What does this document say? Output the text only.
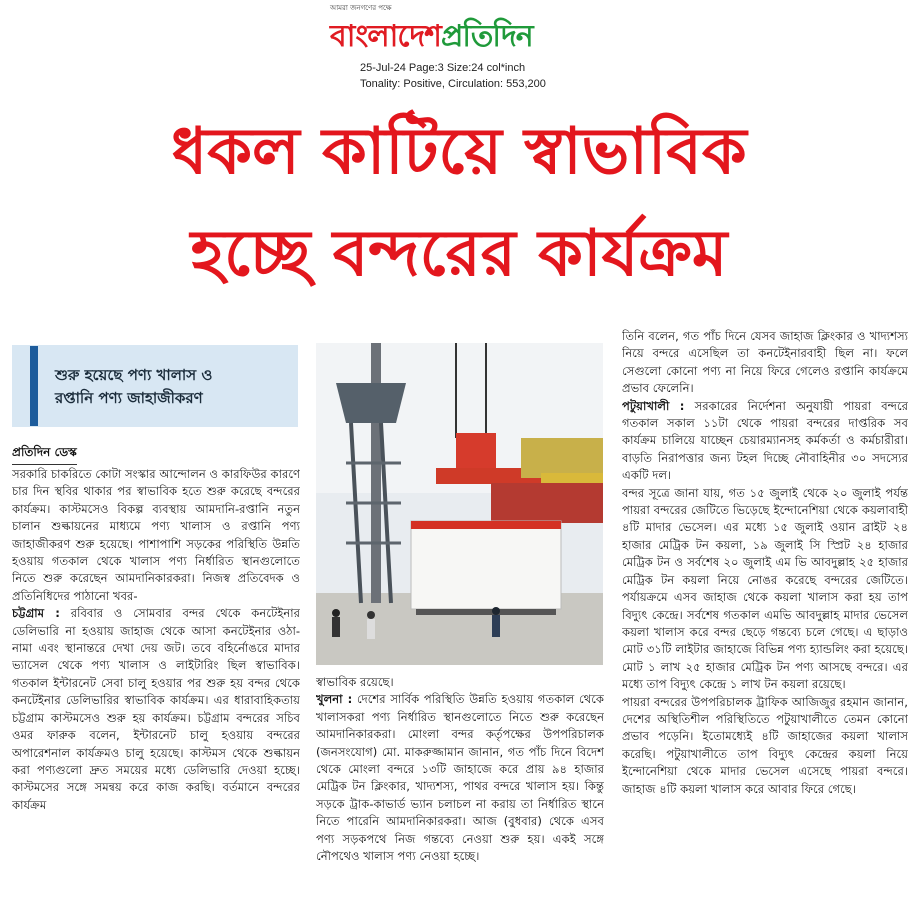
আমরা জনগণের পক্ষে
বাংলাদেশপ্রতিদিন
25-Jul-24 Page:3 Size:24 col*inch
Tonality: Positive, Circulation: 553,200
ধকল কাটিয়ে স্বাভাবিক
হচ্ছে বন্দরের কার্যক্রম
শুরু হয়েছে পণ্য খালাস ও
রপ্তানি পণ্য জাহাজীকরণ
প্রতিদিন ডেস্ক

সরকারি চাকরিতে কোটা সংস্কার আন্দোলন ও কারফিউর কারণে চার দিন স্থবির থাকার পর স্বাভাবিক হতে শুরু করেছে বন্দরের কার্যক্রম। কাস্টমসেও বিকল্প ব্যবস্থায় আমদানি-রপ্তানি নতুন চালান শুল্কায়নের মাধ্যমে পণ্য খালাস ও রপ্তানি পণ্য জাহাজীকরণ শুরু হয়েছে। পাশাপাশি সড়কের পরিস্থিতি উন্নতি হওয়ায় গতকাল থেকে খালাস পণ্য নির্ধারিত স্থানগুলোতে নিতে শুরু করেছেন আমদানিকারকরা। নিজস্ব প্রতিবেদক ও প্রতিনিধিদের পাঠানো খবর-

চট্টগ্রাম : রবিবার ও সোমবার বন্দর থেকে কনটেইনার ডেলিভারি না হওয়ায় জাহাজ থেকে আসা কনটেইনার ওঠা-নামা এবং স্থানান্তরে দেখা দেয় জট। তবে বহির্নোঙরে মাদার ভ্যাসেল থেকে পণ্য খালাস ও লাইটারিং ছিল স্বাভাবিক। গতকাল ইন্টারনেট সেবা চালু হওয়ার পর শুরু হয় বন্দর থেকে কনটেইনার ডেলিভারির স্বাভাবিক কার্যক্রম। এর ধারাবাহিকতায় চট্টগ্রাম কাস্টমসেও শুরু হয় কার্যক্রম। চট্টগ্রাম বন্দরের সচিব ওমর ফারুক বলেন, ইন্টারনেট চালু হওয়ায় বন্দরের অপারেশনাল কার্যক্রমও চালু হয়েছে। কাস্টমস থেকে শুল্কায়ন করা পণ্যগুলো দ্রুত সময়ের মধ্যে ডেলিভারি দেওয়া হচ্ছে। কাস্টমসের সঙ্গে সমন্বয় করে কাজ করছি। বর্তমানে বন্দরের কার্যক্রম

স্বাভাবিক রয়েছে।

খুলনা : দেশের সার্বিক পরিস্থিতি উন্নতি হওয়ায় গতকাল থেকে খালাসকরা পণ্য নির্ধারিত স্থানগুলোতে নিতে শুরু করেছেন আমদানিকারকরা। মোংলা বন্দর কর্তৃপক্ষের উপপরিচালক (জনসংযোগ) মো. মাকরুজ্জামান জানান, গত পাঁচ দিনে বিদেশ থেকে মোংলা বন্দরে ১৩টি জাহাজে করে প্রায় ৯৪ হাজার মেট্রিক টন ক্লিংকার, খাদ্যশস্য, পাথর বন্দরে খালাস হয়। কিন্তু সড়কে ট্রাক-কাভার্ড ভ্যান চলাচল না করায় তা নির্ধারিত স্থানে নিতে পারেনি আমদানিকারকরা। আজ (বুধবার) থেকে এসব পণ্য সড়কপথে নিজ গন্তব্যে নেওয়া শুরু হয়। একই সঙ্গে নৌপথেও খালাস পণ্য নেওয়া হচ্ছে।

তিনি বলেন, গত পাঁচ দিনে যেসব জাহাজ ক্লিংকার ও খাদ্যশস্য নিয়ে বন্দরে এসেছিল তা কনটেইনারবাহী ছিল না। ফলে সেগুলো কোনো পণ্য না নিয়ে ফিরে গেলেও রপ্তানি কার্যক্রমে প্রভাব ফেলেনি।

পটুয়াখালী : সরকারের নির্দেশনা অনুযায়ী পায়রা বন্দরে গতকাল সকাল ১১টা থেকে পায়রা বন্দরের দাপ্তরিক সব কার্যক্রম চালিয়ে যাচ্ছেন চেয়ারম্যানসহ কর্মকর্তা ও কর্মচারীরা। বাড়তি নিরাপত্তার জন্য টহল দিচ্ছে নৌবাহিনীর ৩০ সদস্যের একটি দল।

বন্দর সূত্রে জানা যায়, গত ১৫ জুলাই থেকে ২০ জুলাই পর্যন্ত পায়রা বন্দরের জেটিতে ভিড়েছে ইন্দোনেশিয়া থেকে কয়লাবাহী ৪টি মাদার ভেসেল। এর মধ্যে ১৫ জুলাই ওয়ান ব্রাইট ২৪ হাজার মেট্রিক টন কয়লা, ১৯ জুলাই সি স্প্রিট ২৪ হাজার মেট্রিক টন ও সর্বশেষ ২০ জুলাই এম ভি আবদুল্লাহ ২৫ হাজার মেট্রিক টন কয়লা নিয়ে নোঙর করেছে বন্দরের জেটিতে। পর্যায়ক্রমে এসব জাহাজ থেকে কয়লা খালাস করা হয় তাপ বিদ্যুৎ কেন্দ্রে। সর্বশেষ গতকাল এমভি আবদুল্লাহ মাদার ভেসেল কয়লা খালাস করে বন্দর ছেড়ে গন্তব্যে চলে গেছে। এ ছাড়াও মোট ৩১টি লাইটার জাহাজে বিভিন্ন পণ্য হ্যান্ডলিং করা হয়েছে। মোট ১ লাখ ২৫ হাজার মেট্রিক টন পণ্য আসছে বন্দরে। এর মধ্যে তাপ বিদ্যুৎ কেন্দ্রে ১ লাখ টন কয়লা রয়েছে।

পায়রা বন্দরের উপপরিচালক ট্রাফিক আজিজুর রহমান জানান, দেশের অস্থিতিশীল পরিস্থিতিতে পটুয়াখালীতে তেমন কোনো প্রভাব পড়েনি। ইতোমধ্যেই ৪টি জাহাজের কয়লা খালাস করেছি। পটুয়াখালীতে তাপ বিদ্যুৎ কেন্দ্রের কয়লা নিয়ে ইন্দোনেশিয়া থেকে মাদার ভেসেল এসেছে পায়রা বন্দরে। জাহাজ ৪টি কয়লা খালাস করে আবার ফিরে গেছে।
